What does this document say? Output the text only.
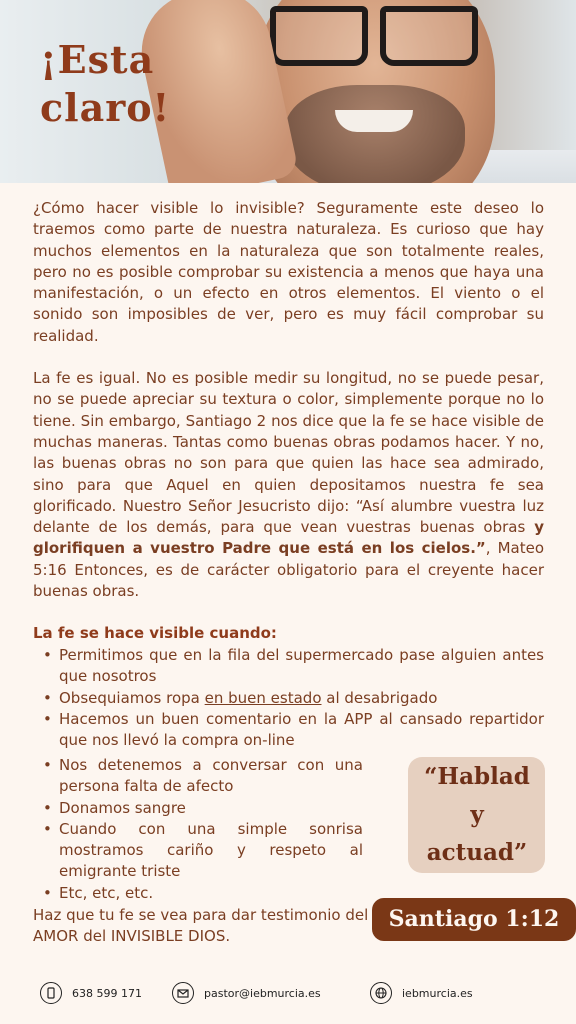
¡Esta
claro!

¿Cómo hacer visible lo invisible? Seguramente este deseo lo traemos como parte de nuestra naturaleza. Es curioso que hay muchos elementos en la naturaleza que son totalmente reales, pero no es posible comprobar su existencia a menos que haya una manifestación, o un efecto en otros elementos. El viento o el sonido son imposibles de ver, pero es muy fácil comprobar su realidad.

La fe es igual. No es posible medir su longitud, no se puede pesar, no se puede apreciar su textura o color, simplemente porque no lo tiene. Sin embargo, Santiago 2 nos dice que la fe se hace visible de muchas maneras. Tantas como buenas obras podamos hacer. Y no, las buenas obras no son para que quien las hace sea admirado, sino para que Aquel en quien depositamos nuestra fe sea glorificado. Nuestro Señor Jesucristo dijo: “Así alumbre vuestra luz delante de los demás, para que vean vuestras buenas obras y glorifiquen a vuestro Padre que está en los cielos.”, Mateo 5:16 Entonces, es de carácter obligatorio para el creyente hacer buenas obras.

La fe se hace visible cuando:
• Permitimos que en la fila del supermercado pase alguien antes que nosotros
• Obsequiamos ropa en buen estado al desabrigado
• Hacemos un buen comentario en la APP al cansado repartidor que nos llevó la compra on-line
• Nos detenemos a conversar con una persona falta de afecto
• Donamos sangre
• Cuando con una simple sonrisa mostramos cariño y respeto al emigrante triste
• Etc, etc, etc.
Haz que tu fe se vea para dar testimonio del AMOR del INVISIBLE DIOS.
“Hablad
y
actuad”
Santiago 1:12
638 599 171	pastor@iebmurcia.es	iebmurcia.es
